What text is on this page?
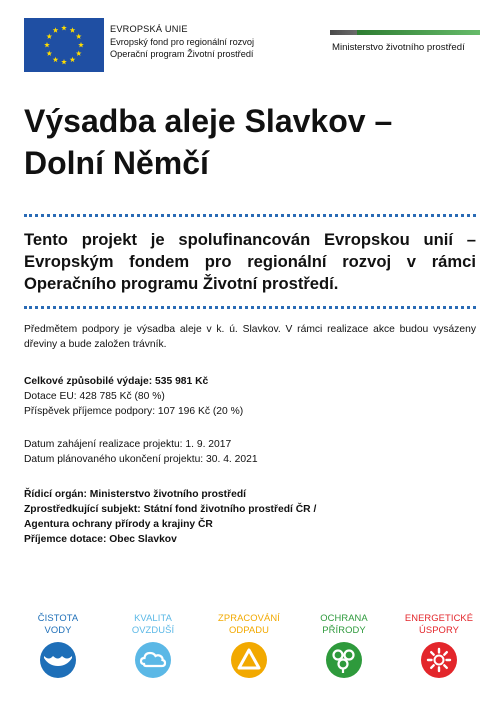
EVROPSKÁ UNIE
Evropský fond pro regionální rozvoj
Operační program Životní prostředí
Ministerstvo životního prostředí
Výsadba aleje Slavkov –
Dolní Němčí
Tento projekt je spolufinancován Evropskou unií – Evropským fondem pro regionální rozvoj v rámci Operačního programu Životní prostředí.
Předmětem podpory je výsadba aleje v k. ú. Slavkov. V rámci realizace akce budou vysázeny dřeviny a bude založen trávník.
Celkové způsobilé výdaje: 535 981 Kč
Dotace EU: 428 785 Kč (80 %)
Příspěvek příjemce podpory: 107 196 Kč (20 %)
Datum zahájení realizace projektu: 1. 9. 2017
Datum plánovaného ukončení projektu: 30. 4. 2021
Řídicí orgán: Ministerstvo životního prostředí
Zprostředkující subjekt: Státní fond životního prostředí ČR /
Agentura ochrany přírody a krajiny ČR
Příjemce dotace: Obec Slavkov
ČISTOTA
VODY
KVALITA
OVZDUŠÍ
ZPRACOVÁNÍ
ODPADU
OCHRANA
PŘÍRODY
ENERGETICKÉ
ÚSPORY
